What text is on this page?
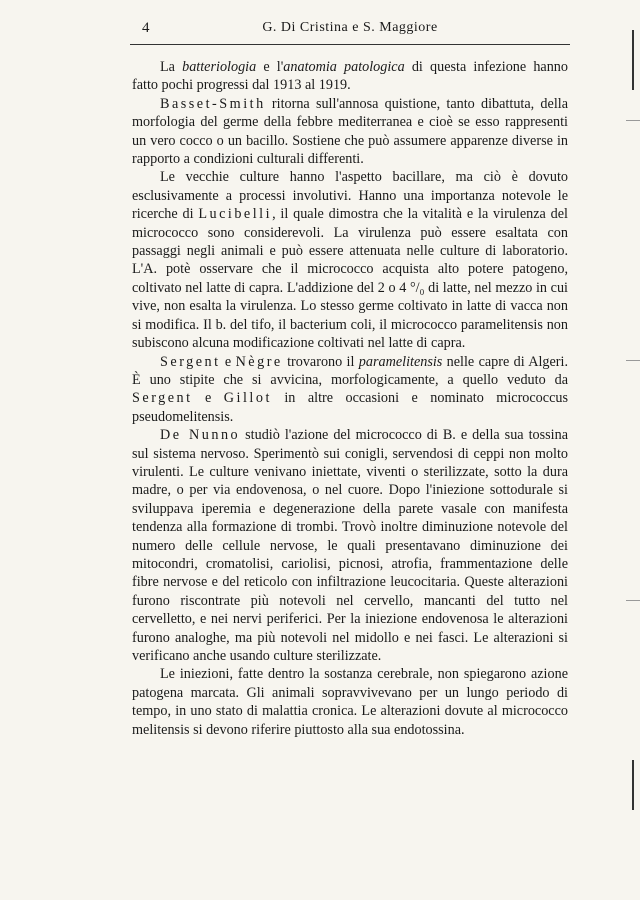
4	G. Di Cristina e S. Maggiore

La batteriologia e l'anatomia patologica di questa infezione hanno fatto pochi progressi dal 1913 al 1919.

Basset-Smith ritorna sull'annosa quistione, tanto dibattuta, della morfologia del germe della febbre mediterranea e cioè se esso rappresenti un vero cocco o un bacillo. Sostiene che può assumere apparenze diverse in rapporto a condizioni culturali differenti.

Le vecchie culture hanno l'aspetto bacillare, ma ciò è dovuto esclusivamente a processi involutivi. Hanno una importanza notevole le ricerche di Lucibelli, il quale dimostra che la vitalità e la virulenza del micrococco sono considerevoli. La virulenza può essere esaltata con passaggi negli animali e può essere attenuata nelle culture di laboratorio. L'A. potè osservare che il micrococco acquista alto potere patogeno, coltivato nel latte di capra. L'addizione del 2 o 4 °/₀ di latte, nel mezzo in cui vive, non esalta la virulenza. Lo stesso germe coltivato in latte di vacca non si modifica. Il b. del tifo, il bacterium coli, il micrococco paramelitensis non subiscono alcuna modificazione coltivati nel latte di capra.

Sergent e Nègre trovarono il paramelitensis nelle capre di Algeri. È uno stipite che si avvicina, morfologicamente, a quello veduto da Sergent e Gillot in altre occasioni e nominato micrococcus pseudomelitensis.

De Nunno studiò l'azione del micrococco di B. e della sua tossina sul sistema nervoso. Sperimentò sui conigli, servendosi di ceppi non molto virulenti. Le culture venivano iniettate, viventi o sterilizzate, sotto la dura madre, o per via endovenosa, o nel cuore. Dopo l'iniezione sottodurale si sviluppava iperemia e degenerazione della parete vasale con manifesta tendenza alla formazione di trombi. Trovò inoltre diminuzione notevole del numero delle cellule nervose, le quali presentavano diminuzione dei mitocondri, cromatolisi, cariolisi, picnosi, atrofia, frammentazione delle fibre nervose e del reticolo con infiltrazione leucocitaria. Queste alterazioni furono riscontrate più notevoli nel cervello, mancanti del tutto nel cervelletto, e nei nervi periferici. Per la iniezione endovenosa le alterazioni furono analoghe, ma più notevoli nel midollo e nei fasci. Le alterazioni si verificano anche usando culture sterilizzate.

Le iniezioni, fatte dentro la sostanza cerebrale, non spiegarono azione patogena marcata. Gli animali sopravvivevano per un lungo periodo di tempo, in uno stato di malattia cronica. Le alterazioni dovute al micrococco melitensis si devono riferire piuttosto alla sua endotossina.
